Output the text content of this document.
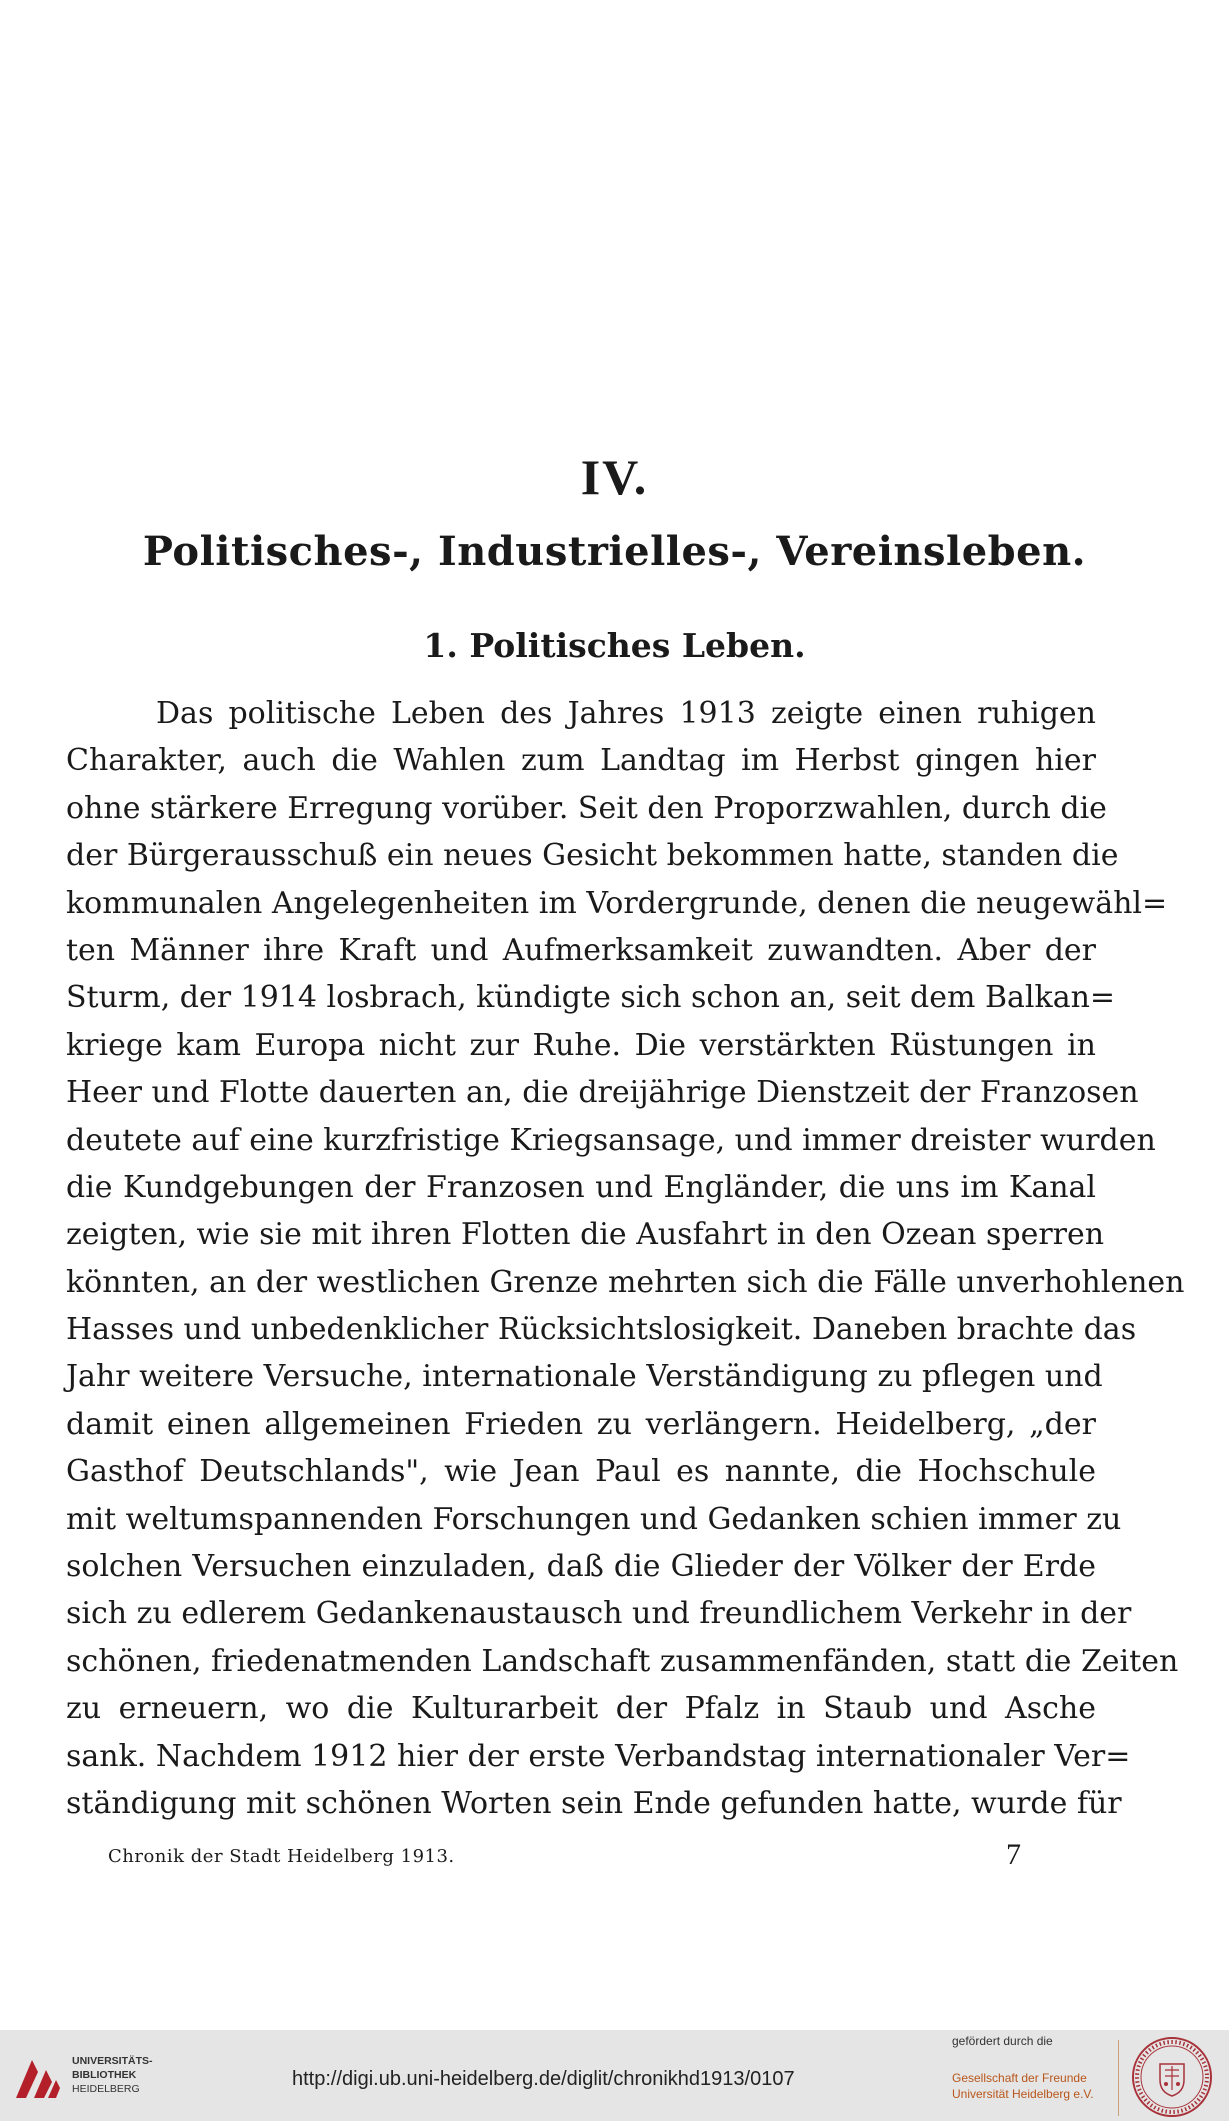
IV.
Politisches-, Industrielles-, Vereinsleben.
1. Politisches Leben.
Das politische Leben des Jahres 1913 zeigte einen ruhigen
Charakter, auch die Wahlen zum Landtag im Herbst gingen hier
ohne stärkere Erregung vorüber. Seit den Proporzwahlen, durch die
der Bürgerausschuß ein neues Gesicht bekommen hatte, standen die
kommunalen Angelegenheiten im Vordergrunde, denen die neugewähl=
ten Männer ihre Kraft und Aufmerksamkeit zuwandten. Aber der
Sturm, der 1914 losbrach, kündigte sich schon an, seit dem Balkan=
kriege kam Europa nicht zur Ruhe. Die verstärkten Rüstungen in
Heer und Flotte dauerten an, die dreijährige Dienstzeit der Franzosen
deutete auf eine kurzfristige Kriegsansage, und immer dreister wurden
die Kundgebungen der Franzosen und Engländer, die uns im Kanal
zeigten, wie sie mit ihren Flotten die Ausfahrt in den Ozean sperren
könnten, an der westlichen Grenze mehrten sich die Fälle unverhohlenen
Hasses und unbedenklicher Rücksichtslosigkeit. Daneben brachte das
Jahr weitere Versuche, internationale Verständigung zu pflegen und
damit einen allgemeinen Frieden zu verlängern. Heidelberg, „der
Gasthof Deutschlands", wie Jean Paul es nannte, die Hochschule
mit weltumspannenden Forschungen und Gedanken schien immer zu
solchen Versuchen einzuladen, daß die Glieder der Völker der Erde
sich zu edlerem Gedankenaustausch und freundlichem Verkehr in der
schönen, friedenatmenden Landschaft zusammenfänden, statt die Zeiten
zu erneuern, wo die Kulturarbeit der Pfalz in Staub und Asche
sank. Nachdem 1912 hier der erste Verbandstag internationaler Ver=
ständigung mit schönen Worten sein Ende gefunden hatte, wurde für
Chronik der Stadt Heidelberg 1913.	7
UNIVERSITÄTS-
BIBLIOTHEK
HEIDELBERG	http://digi.ub.uni-heidelberg.de/diglit/chronikhd1913/0107
gefördert durch die
Gesellschaft der Freunde
Universität Heidelberg e.V.
